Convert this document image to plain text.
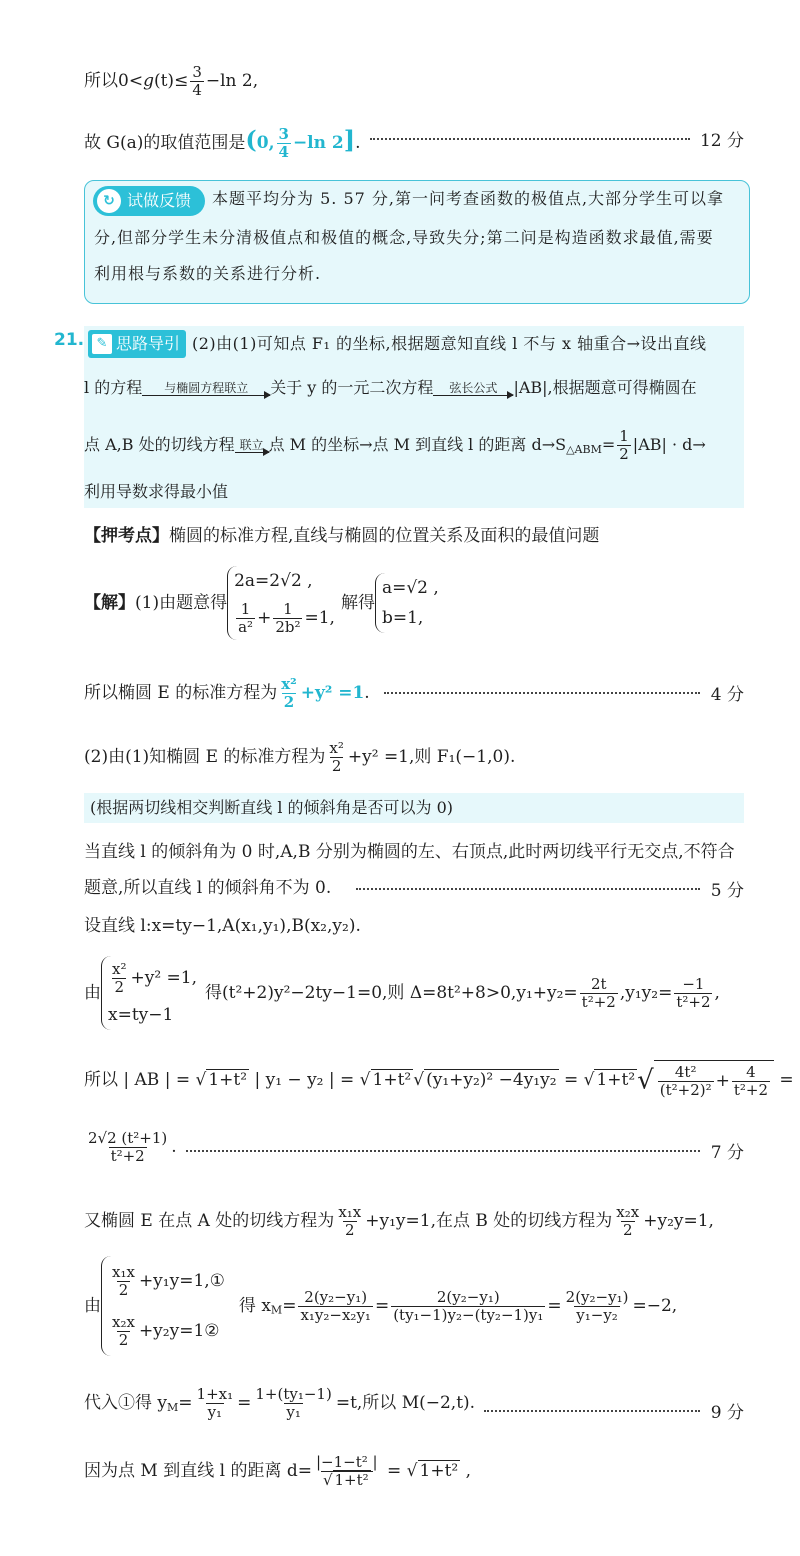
所以$0<g(t)\le \frac{3}{4} -\ln$ 2,
故 G(a)的取值范围是(0, $\frac{3}{4} -\ln$ 2].	12 分
↻ 试做反馈 本题平均分为 5. 57 分,第一问考查函数的极值点,大部分学生可以拿
分,但部分学生未分清极值点和极值的概念,导致失分;第二问是构造函数求最值,需要
利用根与系数的关系进行分析.
21. ✎ 思路导引 (2)由(1)可知点 F₁ 的坐标,根据题意知直线 l 不与 x 轴重合→设出直线
l 的方程 与椭圆方程联立 关于 y 的一元二次方程 弦长公式 |AB|,根据题意可得椭圆在
点 A,B 处的切线方程 联立 点 M 的坐标→点 M 到直线 l 的距离 $d\to S_{\triangle ABM}= \frac{1}{2} |AB| \cdot d\to$
利用导数求得最小值
【押考点】椭圆的标准方程,直线与椭圆的位置关系及面积的最值问题
【解】(1)由题意得
2a=2√2 ,
$\frac{1}{\text{a²}} + \frac{1}{\text{2b²}} =1$,
解得
a=√2 ,
b=1,
所以椭圆 E 的标准方程为 $\frac{\text{x²}}{2} +y^2 =1$.	4 分
(2)由(1)知椭圆 E 的标准方程为 $\frac{\text{x²}}{2} +y^2 =1$,则 F₁(−1,0).
(根据两切线相交判断直线 l 的倾斜角是否可以为 0)
当直线 l 的倾斜角为 0 时,A,B 分别为椭圆的左、右顶点,此时两切线平行无交点,不符合
题意,所以直线 l 的倾斜角不为 0.	5 分
设直线 l:x=ty−1,A(x₁,y₁),B(x₂,y₂).
由 $\frac{\text{x²}}{2} +y^2 =1$,
x=ty−1
得(t²+2)y²−2ty−1=0,则 $\Delta=8t^2+8>0,y_1+y_2= \frac{2t}{\text{t²+2}} ,y_1y_2= \frac{-1}{\text{t²+2}}$ ,
所以 | AB | = √ 1+t² | y₁ − y₂ | = √ 1+t² √ (y₁+y₂)² −4y₁y₂ = √ $1+t^2√ \frac{\text{4t²}}{\text{(t²+2)²}} + \frac{4}{\text{t²+2}}$ =
$\frac{\text{2√2 (t²+1)}}{\text{t²+2}}$ .	7 分
又椭圆 E 在点 A 处的切线方程为 $\frac{\text{x₁x}}{2} +y_1y=1$,在点 B 处的切线方程为 $\frac{\text{x₂x}}{2} +y_2y=1$,
由
$\frac{\text{x₁x}}{2}$ +y₁y=1,①
$\frac{\text{x₂x}}{2}$ +y₂y=1②
得 $x_M= \frac{\text{2(y₂−y₁)}}{\text{x₁y₂−x₂y₁}} = \frac{\text{2(y₂−y₁)}}{\text{(ty₁−1)y₂−(ty₂−1)y₁}} = \frac{\text{2(y₂−y₁)}}{\text{y₁−y₂}} =-2$,
代入①得 $y_M= \frac{\text{1+x₁}}{\text{y₁}} = \frac{\text{1+(ty₁−1)}}{\text{y₁}} =t$,所以 M(−2,t).	9 分
因为点 M 到直线 l 的距离 $d= \frac{\text{|−1−t² |}}{\text{√ 1+t²}}$ = √ 1+t² ,
